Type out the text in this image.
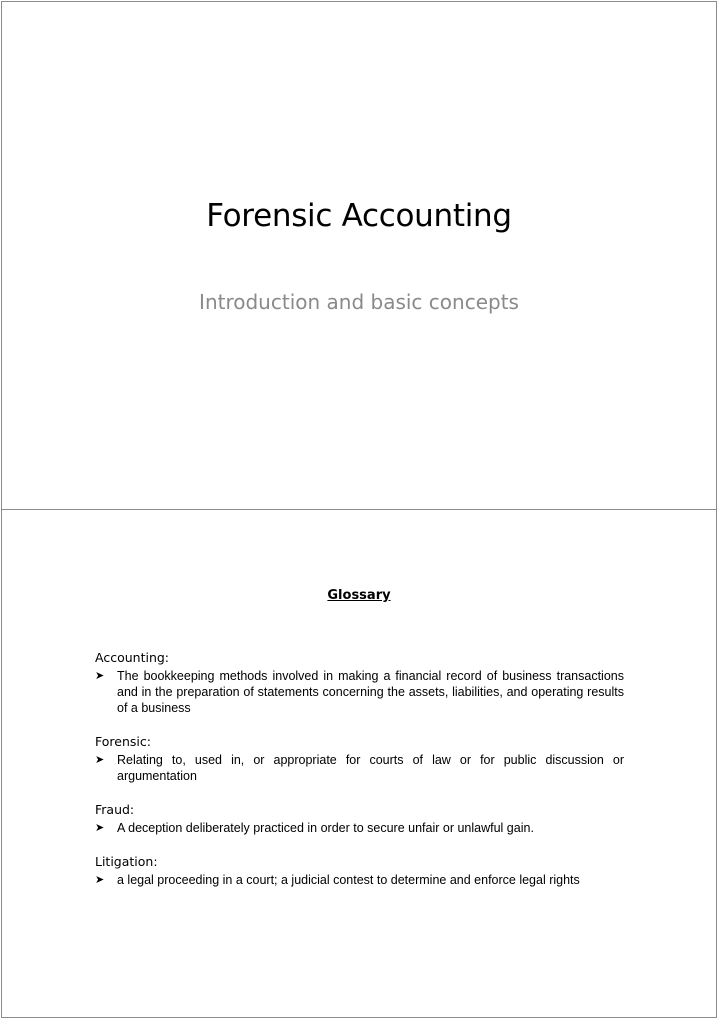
Forensic Accounting

Introduction and basic concepts

Glossary

Accounting:

➤	The bookkeeping methods involved in making a financial record of business transactions and in the preparation of statements concerning the assets, liabilities, and operating results of a business

Forensic:

➤	Relating to, used in, or appropriate for courts of law or for public discussion or argumentation

Fraud:

➤	A deception deliberately practiced in order to secure unfair or unlawful gain.

Litigation:

➤	a legal proceeding in a court; a judicial contest to determine and enforce legal rights
